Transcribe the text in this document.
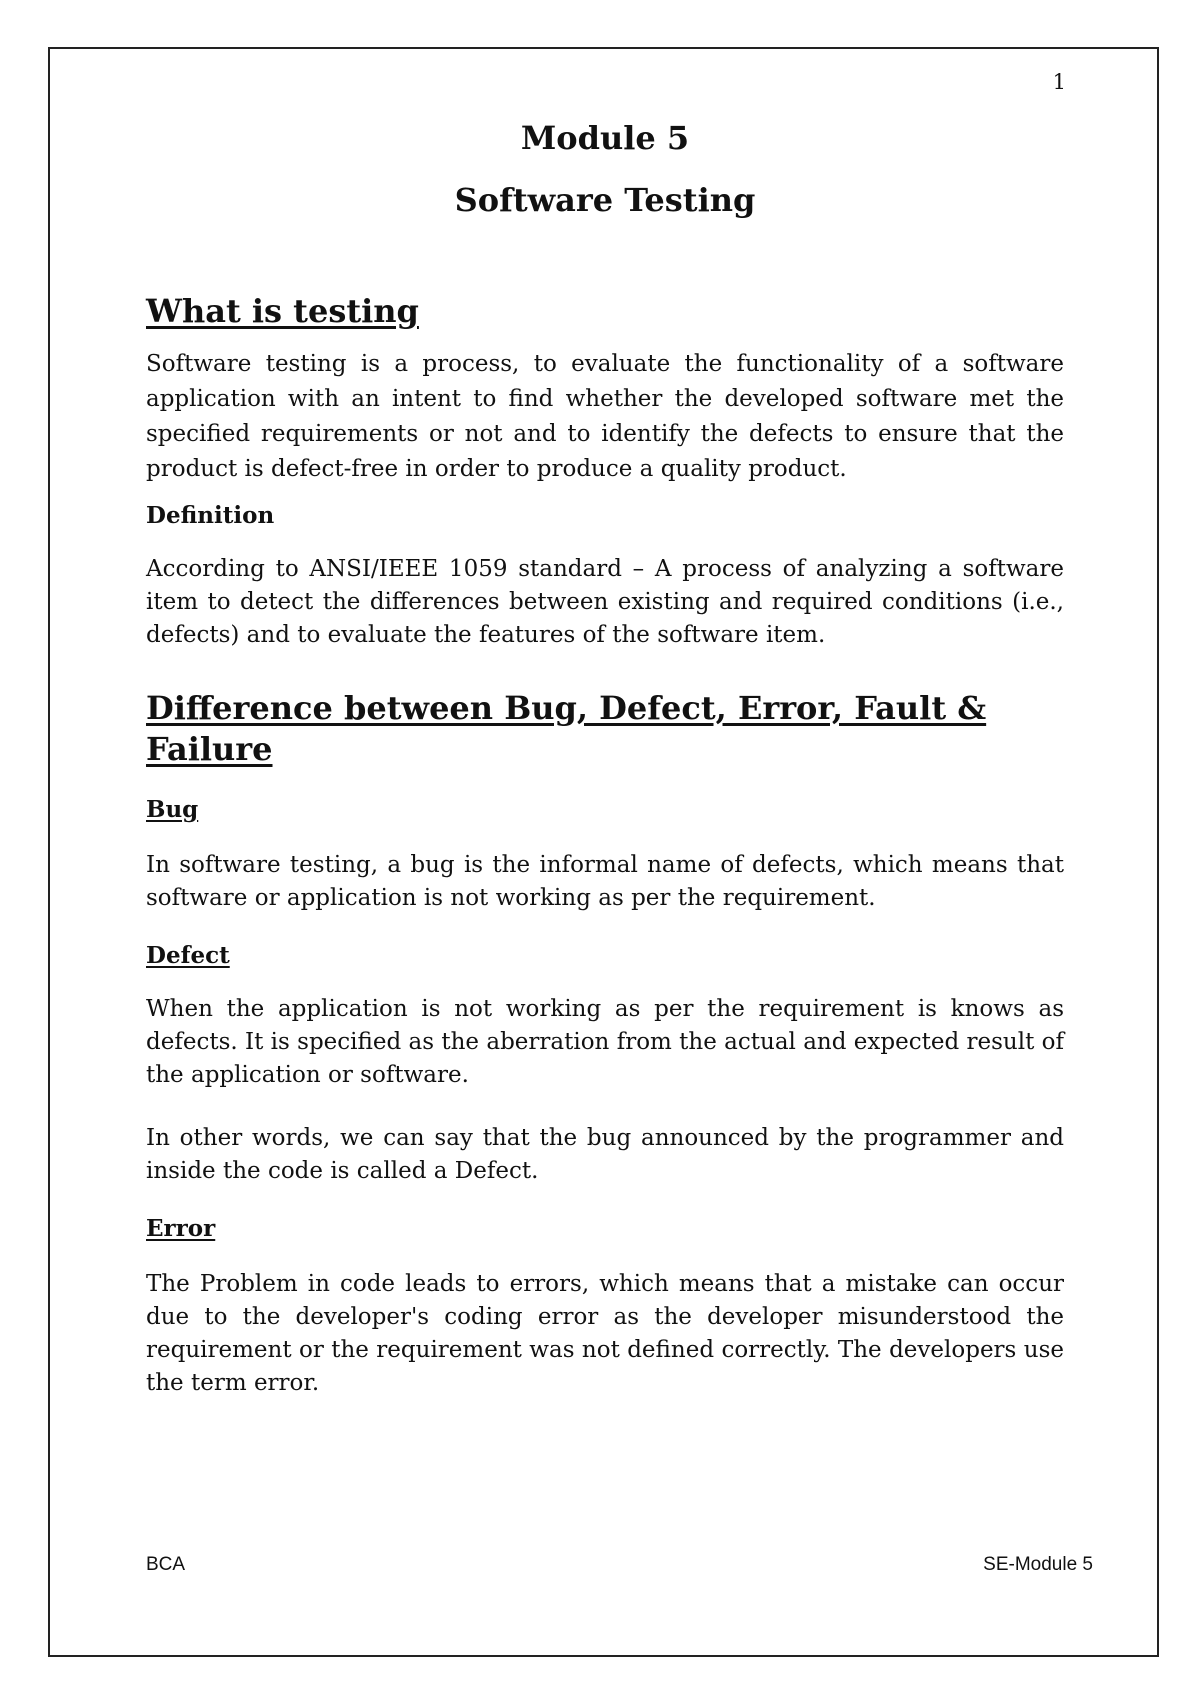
1
Module 5
Software Testing
What is testing

Software testing is a process, to evaluate the functionality of a software application with an intent to find whether the developed software met the specified requirements or not and to identify the defects to ensure that the product is defect-free in order to produce a quality product.

Definition

According to ANSI/IEEE 1059 standard – A process of analyzing a software item to detect the differences between existing and required conditions (i.e., defects) and to evaluate the features of the software item.

Difference between Bug, Defect, Error, Fault & Failure
Bug

In software testing, a bug is the informal name of defects, which means that software or application is not working as per the requirement.

Defect

When the application is not working as per the requirement is knows as defects. It is specified as the aberration from the actual and expected result of the application or software.

In other words, we can say that the bug announced by the programmer and inside the code is called a Defect.

Error

The Problem in code leads to errors, which means that a mistake can occur due to the developer's coding error as the developer misunderstood the requirement or the requirement was not defined correctly. The developers use the term error.

BCA	SE-Module 5
